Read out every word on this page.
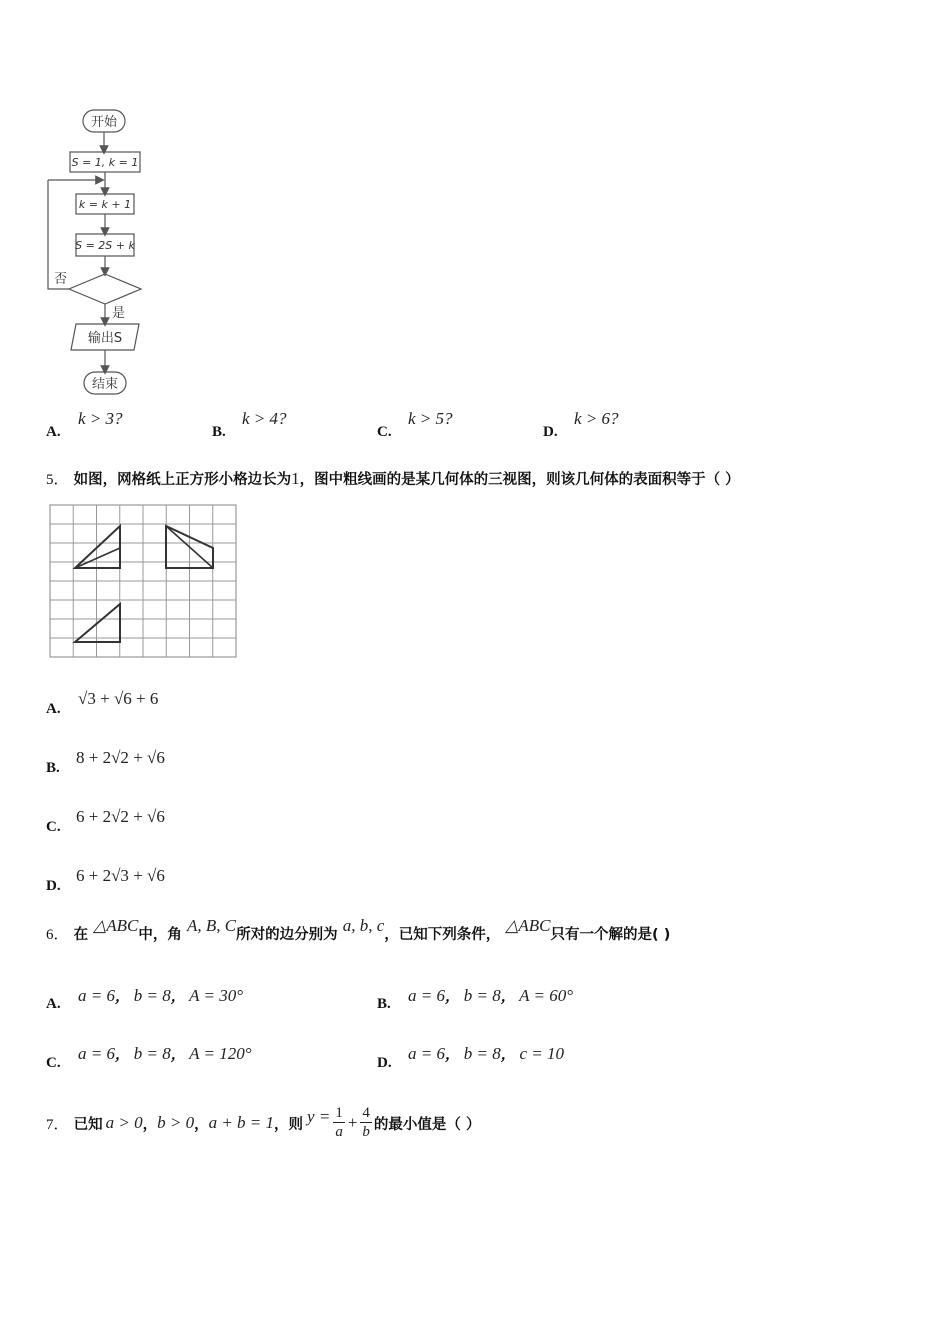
开始
S = 1, k = 1
k = k + 1
S = 2S + k
否
是
输出S
结束
A.
k > 3?
B.
k > 4?
C.
k > 5?
D.
k > 6?
5． 如图，网格纸上正方形小格边长为1，图中粗线画的是某几何体的三视图，则该几何体的表面积等于（ ）
A.
√3 + √6 + 6
B.
8 + 2√2 + √6
C.
6 + 2√2 + √6
D.
6 + 2√3 + √6
6． 在 △ABC中，角 A, B, C所对的边分别为 a, b, c，已知下列条件， △ABC只有一个解的是( )
A. a = 6， b = 8， A = 30°	B. a = 6， b = 8， A = 60°
C. a = 6， b = 8， A = 120°	D. a = 6， b = 8， c = 10
7．
已知 a > 0 ， b > 0 ， a + b = 1 ，则 $y = \frac{1}{a} + \frac{4}{b}$ 的最小值是（ ）
